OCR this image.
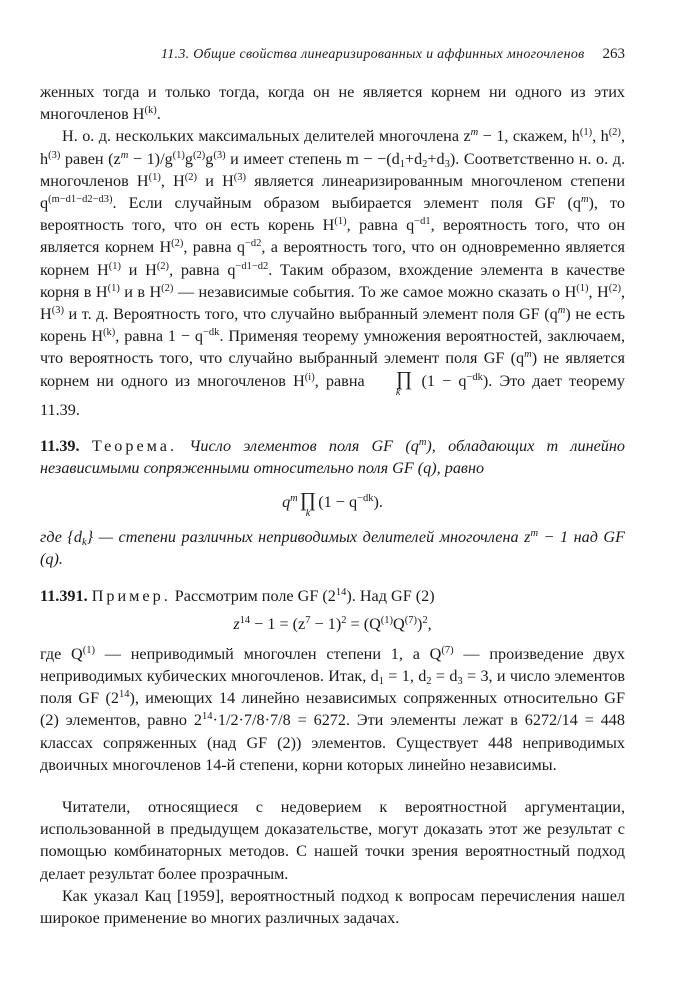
11.3. Общие свойства линеаризированных и аффинных многочленов 263

женных тогда и только тогда, когда он не является корнем ни одного из этих многочленов $H^{(k)}$.

Н. о. д. нескольких максимальных делителей многочлена $z^m - 1$, скажем, $h^{(1)}$, $h^{(2)}$, $h^{(3)}$ равен $(z^m - 1)/g^{(1)}g^{(2)}g^{(3)}$ и имеет степень $m - -(d_1+d_2+d_3)$. Соответственно н. о. д. многочленов $H^{(1)}$, $H^{(2)}$ и $H^{(3)}$ является линеаризированным многочленом степени $q^{(m-d1-d2-d3)}$. Если случайным образом выбирается элемент поля GF $(q^m)$, то вероятность того, что он есть корень $H^{(1)}$, равна $q^{-d1}$, вероятность того, что он является корнем $H^{(2)}$, равна $q^{-d2}$, а вероятность того, что он одновременно является корнем $H^{(1)}$ и $H^{(2)}$, равна $q^{-d1-d2}$. Таким образом, вхождение элемента в качестве корня в $H^{(1)}$ и в $H^{(2)}$ — независимые события. То же самое можно сказать о $H^{(1)}$, $H^{(2)}$, $H^{(3)}$ и т. д. Вероятность того, что случайно выбранный элемент поля GF $(q^m)$ не есть корень $H^{(k)}$, равна $1 - q^{-dk}$. Применяя теорему умножения вероятностей, заключаем, что вероятность того, что случайно выбранный элемент поля GF $(q^m)$ не является корнем ни одного из многочленов $H^{(i)}$, равна	∏
k
$(1 - q^{-dk})$. Это дает теорему 11.39.

11.39. Теорема. Число элементов поля GF $(q^m)$, обладающих m линейно независимыми сопряженными относительно поля GF (q), равно

$q^m$ ∏
k
$(1 - q^{-dk})$.

где $\{d_k\}$ — степени различных неприводимых делителей многочлена $z^m - 1$ над GF (q).

11.391. Пример. Рассмотрим поле GF $(2^{14})$. Над GF (2)

$z^{14} - 1 = (z^7 - 1)^2 = (Q^{(1)}Q^{(7)})^2$,

где $Q^{(1)}$ — неприводимый многочлен степени 1, а $Q^{(7)}$ — произведение двух неприводимых кубических многочленов. Итак, $d_1 = 1$, $d_2 = d_3 = 3$, и число элементов поля GF $(2^{14})$, имеющих 14 линейно независимых сопряженных относительно GF (2) элементов, равно $2^{14}\cdot 1/2\cdot 7/8\cdot 7/8 = 6272$. Эти элементы лежат в 6272/14 = 448 классах сопряженных (над GF (2)) элементов. Существует 448 неприводимых двоичных многочленов 14-й степени, корни которых линейно независимы.

Читатели, относящиеся с недоверием к вероятностной аргументации, использованной в предыдущем доказательстве, могут доказать этот же результат с помощью комбинаторных методов. С нашей точки зрения вероятностный подход делает результат более прозрачным.

Как указал Кац [1959], вероятностный подход к вопросам перечисления нашел широкое применение во многих различных задачах.
